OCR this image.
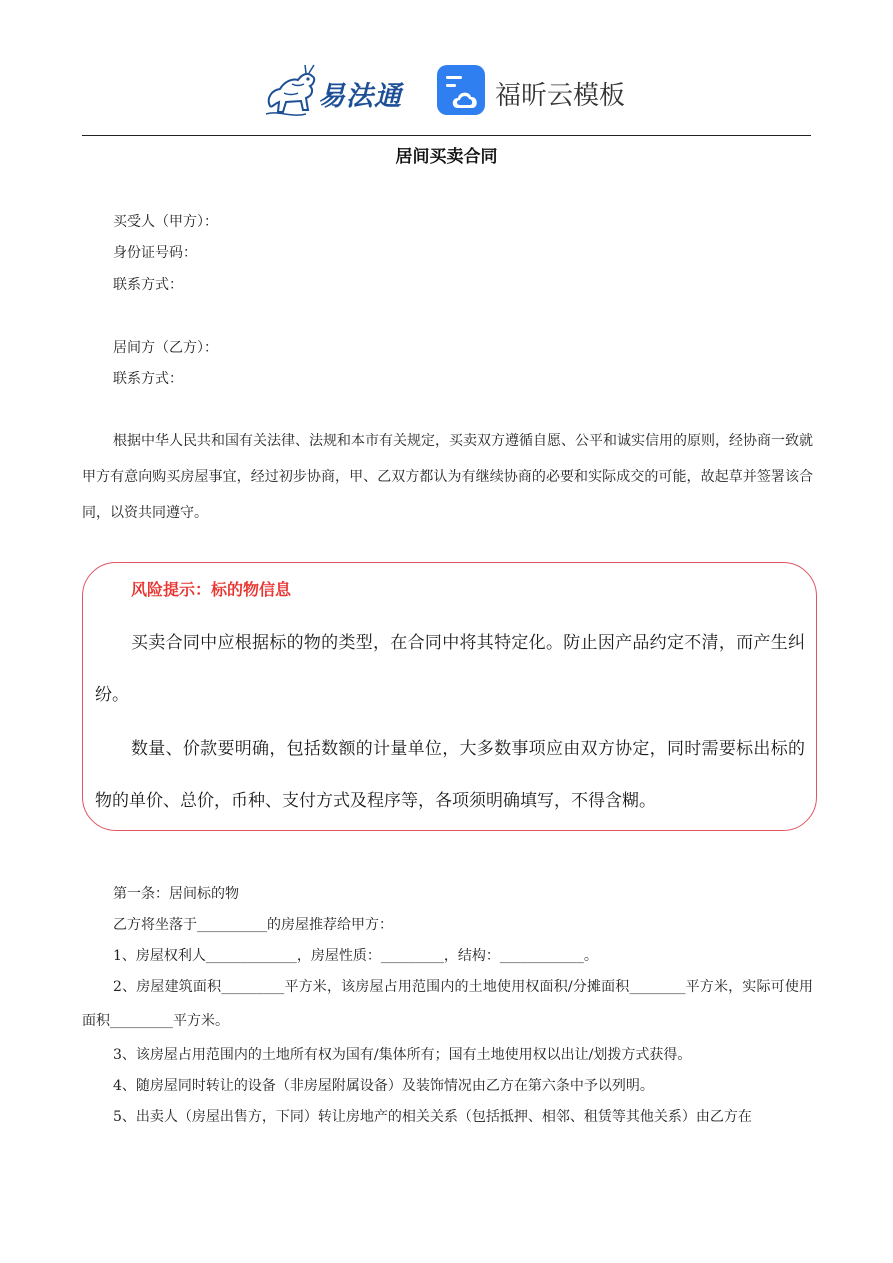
易法通	福昕云模板
居间买卖合同
买受人（甲方）：
身份证号码：
联系方式：
居间方（乙方）：
联系方式：
根据中华人民共和国有关法律、法规和本市有关规定，买卖双方遵循自愿、公平和诚实信用的原则，经协商一致就甲方有意向购买房屋事宜，经过初步协商，甲、乙双方都认为有继续协商的必要和实际成交的可能，故起草并签署该合同，以资共同遵守。
风险提示：标的物信息
买卖合同中应根据标的物的类型，在合同中将其特定化。防止因产品约定不清，而产生纠纷。
数量、价款要明确，包括数额的计量单位，大多数事项应由双方协定，同时需要标出标的物的单价、总价，币种、支付方式及程序等，各项须明确填写，不得含糊。
第一条：居间标的物
乙方将坐落于__________的房屋推荐给甲方：
1、房屋权利人_____________，房屋性质：_________，结构：____________。
2、房屋建筑面积_________平方米，该房屋占用范围内的土地使用权面积/分摊面积________平方米，实际可使用面积_________平方米。
3、该房屋占用范围内的土地所有权为国有/集体所有；国有土地使用权以出让/划拨方式获得。
4、随房屋同时转让的设备（非房屋附属设备）及装饰情况由乙方在第六条中予以列明。
5、出卖人（房屋出售方，下同）转让房地产的相关关系（包括抵押、相邻、租赁等其他关系）由乙方在
